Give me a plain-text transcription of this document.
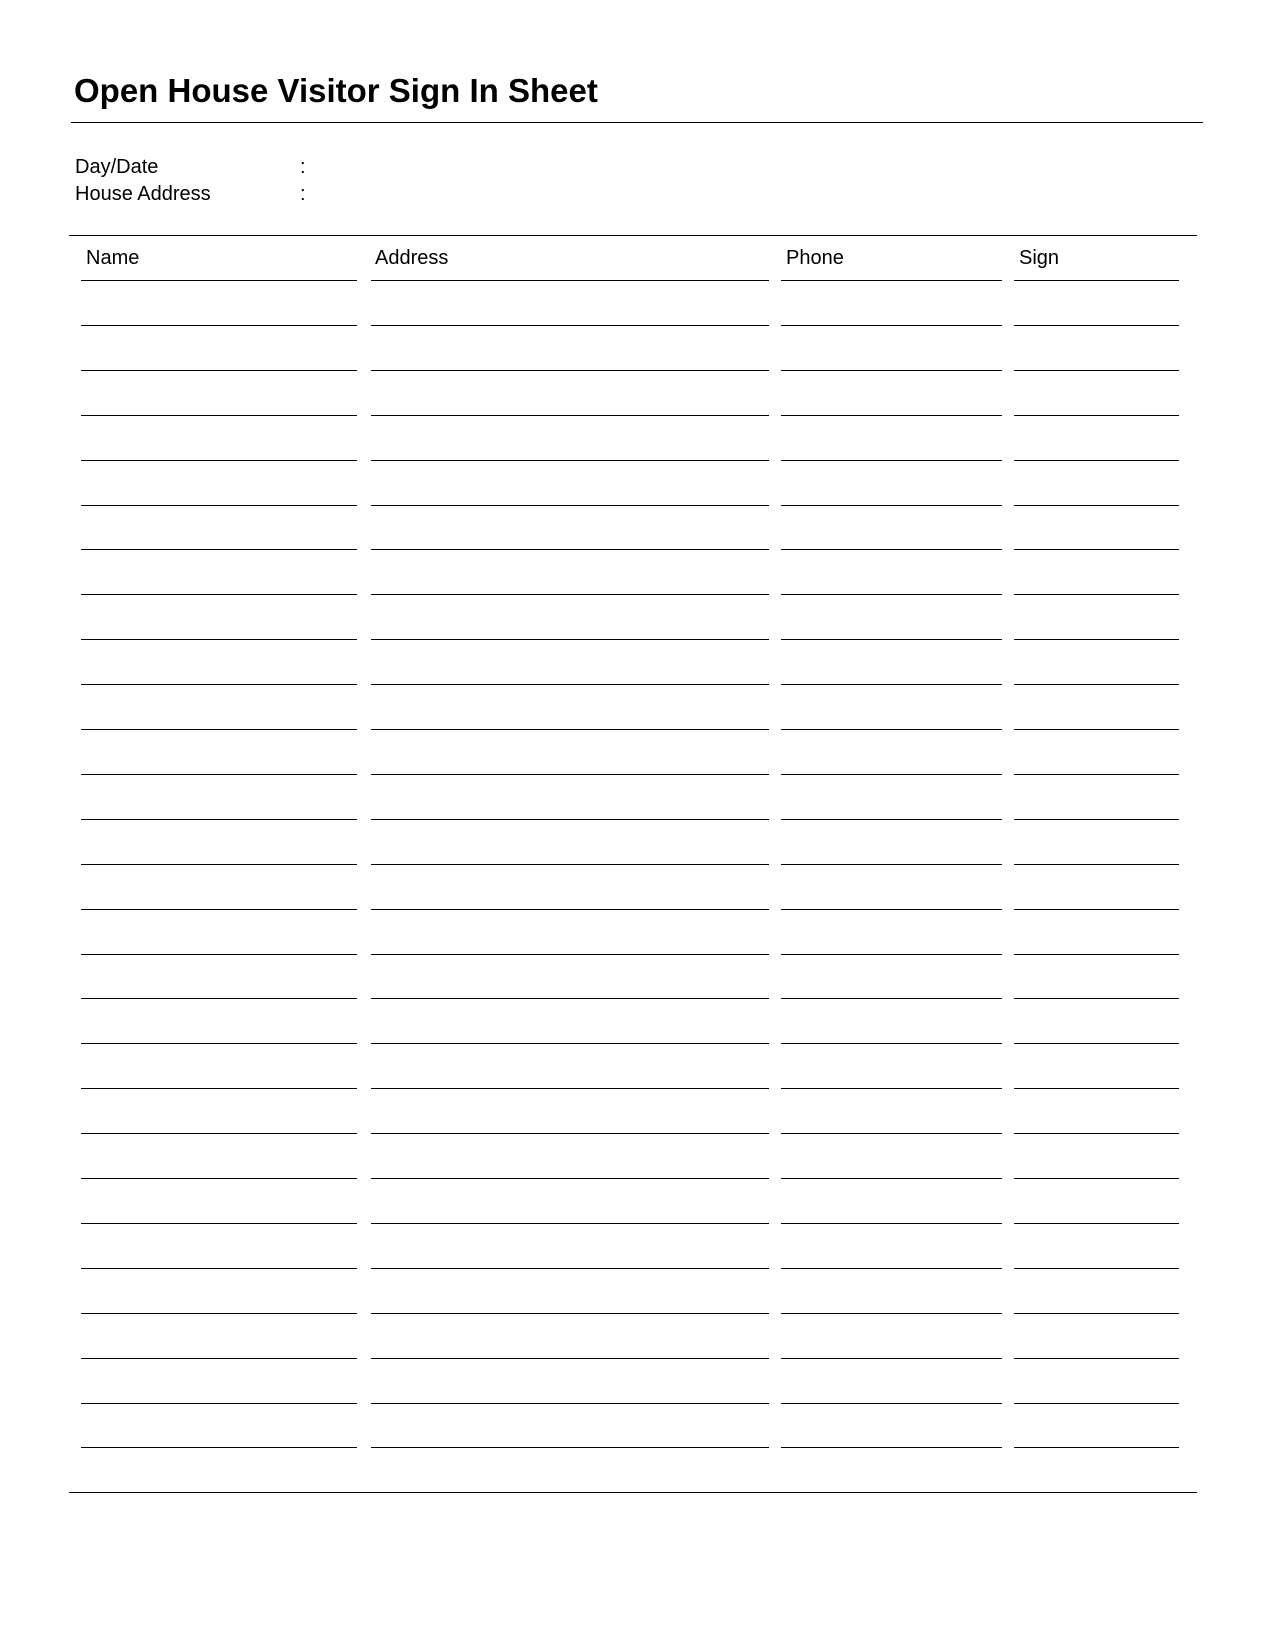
Open House Visitor Sign In Sheet
Day/Date	:
House Address	:
Name	Address	Phone	Sign
